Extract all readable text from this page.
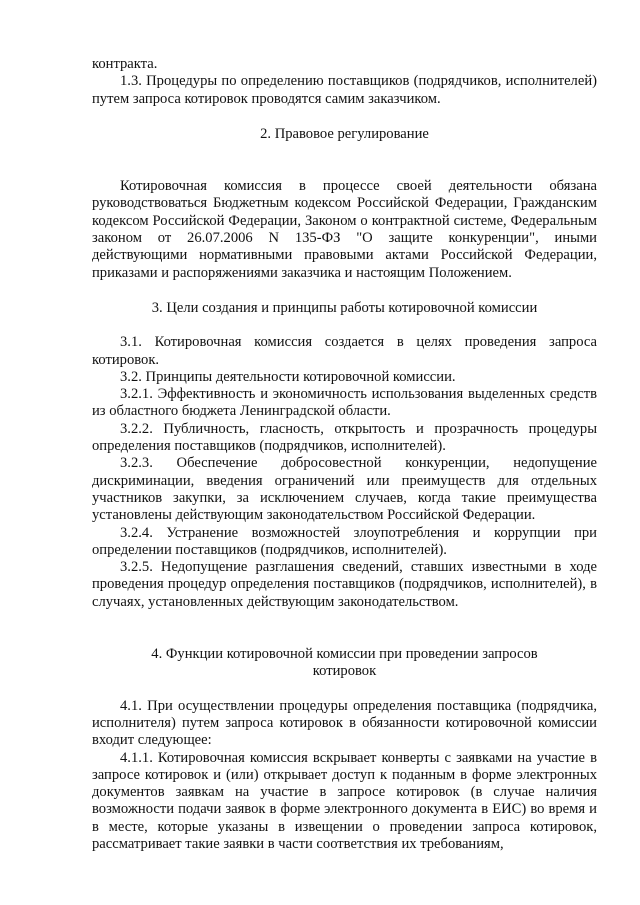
контракта.

1.3. Процедуры по определению поставщиков (подрядчиков, исполнителей) путем запроса котировок проводятся самим заказчиком.

2. Правовое регулирование

Котировочная комиссия в процессе своей деятельности обязана руководствоваться Бюджетным кодексом Российской Федерации, Гражданским кодексом Российской Федерации, Законом о контрактной системе, Федеральным законом от 26.07.2006 N 135-ФЗ "О защите конкуренции", иными действующими нормативными правовыми актами Российской Федерации, приказами и распоряжениями заказчика и настоящим Положением.

3. Цели создания и принципы работы котировочной комиссии

3.1. Котировочная комиссия создается в целях проведения запроса котировок.

3.2. Принципы деятельности котировочной комиссии.

3.2.1. Эффективность и экономичность использования выделенных средств из областного бюджета Ленинградской области.

3.2.2. Публичность, гласность, открытость и прозрачность процедуры определения поставщиков (подрядчиков, исполнителей).

3.2.3. Обеспечение добросовестной конкуренции, недопущение дискриминации, введения ограничений или преимуществ для отдельных участников закупки, за исключением случаев, когда такие преимущества установлены действующим законодательством Российской Федерации.

3.2.4. Устранение возможностей злоупотребления и коррупции при определении поставщиков (подрядчиков, исполнителей).

3.2.5. Недопущение разглашения сведений, ставших известными в ходе проведения процедур определения поставщиков (подрядчиков, исполнителей), в случаях, установленных действующим законодательством.

4. Функции котировочной комиссии при проведении запросов

котировок

4.1. При осуществлении процедуры определения поставщика (подрядчика, исполнителя) путем запроса котировок в обязанности котировочной комиссии входит следующее:

4.1.1. Котировочная комиссия вскрывает конверты с заявками на участие в запросе котировок и (или) открывает доступ к поданным в форме электронных документов заявкам на участие в запросе котировок (в случае наличия возможности подачи заявок в форме электронного документа в ЕИС) во время и в месте, которые указаны в извещении о проведении запроса котировок, рассматривает такие заявки в части соответствия их требованиям,
